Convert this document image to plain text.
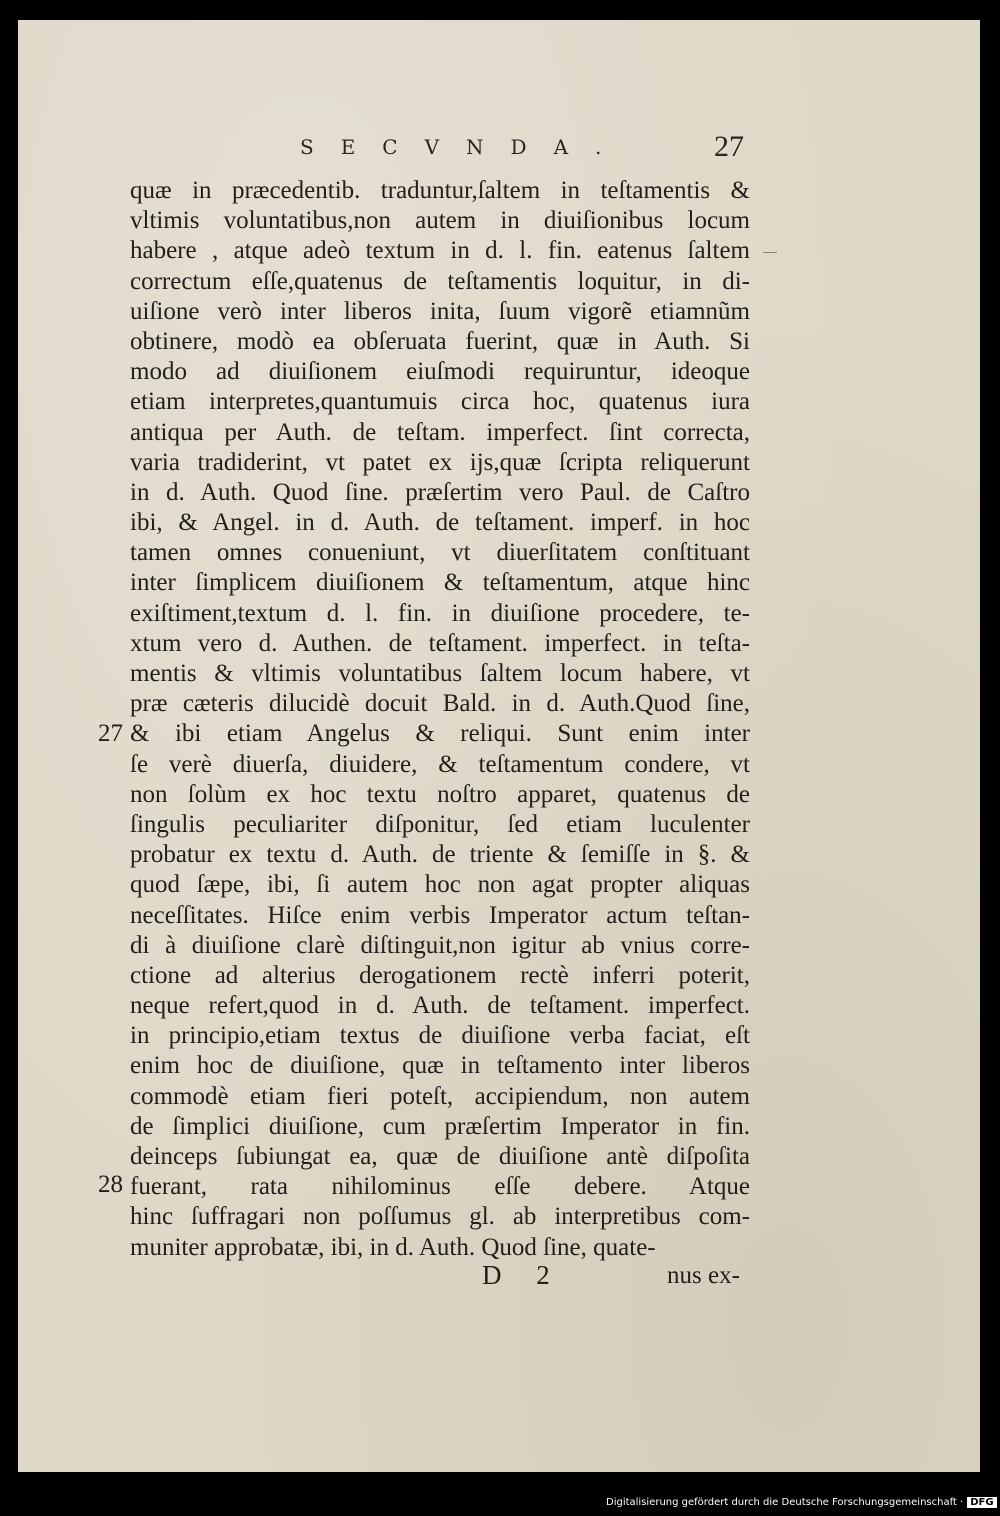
SECVNDA.	27
quæ in præcedentib. traduntur,ſaltem in teſtamentis &
vltimis voluntatibus,non autem in diuiſionibus locum
habere , atque adeò textum in d. l. fin. eatenus ſaltem
correctum eſſe,quatenus de teſtamentis loquitur, in di-
uiſione verò inter liberos inita, ſuum vigorẽ etiamnũm
obtinere, modò ea obſeruata fuerint, quæ in Auth. Si
modo ad diuiſionem eiuſmodi requiruntur, ideoque
etiam interpretes,quantumuis circa hoc, quatenus iura
antiqua per Auth. de teſtam. imperfect. ſint correcta,
varia tradiderint, vt patet ex ijs,quæ ſcripta reliquerunt
in d. Auth. Quod ſine. præſertim vero Paul. de Caſtro
ibi, & Angel. in d. Auth. de teſtament. imperf. in hoc
tamen omnes conueniunt, vt diuerſitatem conſtituant
inter ſimplicem diuiſionem & teſtamentum, atque hinc
exiſtiment,textum d. l. fin. in diuiſione procedere, te-
xtum vero d. Authen. de teſtament. imperfect. in teſta-
mentis & vltimis voluntatibus ſaltem locum habere, vt
præ cæteris dilucidè docuit Bald. in d. Auth.Quod ſine,
& ibi etiam Angelus & reliqui. Sunt enim inter
ſe verè diuerſa, diuidere, & teſtamentum condere, vt
non ſolùm ex hoc textu noſtro apparet, quatenus de
ſingulis peculiariter diſponitur, ſed etiam luculenter
probatur ex textu d. Auth. de triente & ſemiſſe in §. &
quod ſæpe, ibi, ſi autem hoc non agat propter aliquas
neceſſitates. Hiſce enim verbis Imperator actum teſtan-
di à diuiſione clarè diſtinguit,non igitur ab vnius corre-
ctione ad alterius derogationem rectè inferri poterit,
neque refert,quod in d. Auth. de teſtament. imperfect.
in principio,etiam textus de diuiſione verba faciat, eſt
enim hoc de diuiſione, quæ in teſtamento inter liberos
commodè etiam fieri poteſt, accipiendum, non autem
de ſimplici diuiſione, cum præſertim Imperator in fin.
deinceps ſubiungat ea, quæ de diuiſione antè diſpoſita
fuerant, rata nihilominus eſſe debere. Atque
hinc ſuffragari non poſſumus gl. ab interpretibus com-
muniter approbatæ, ibi, in d. Auth. Quod ſine, quate-
27
28
D 2	nus ex-
Digitalisierung gefördert durch die Deutsche Forschungsgemeinschaft · DFG
